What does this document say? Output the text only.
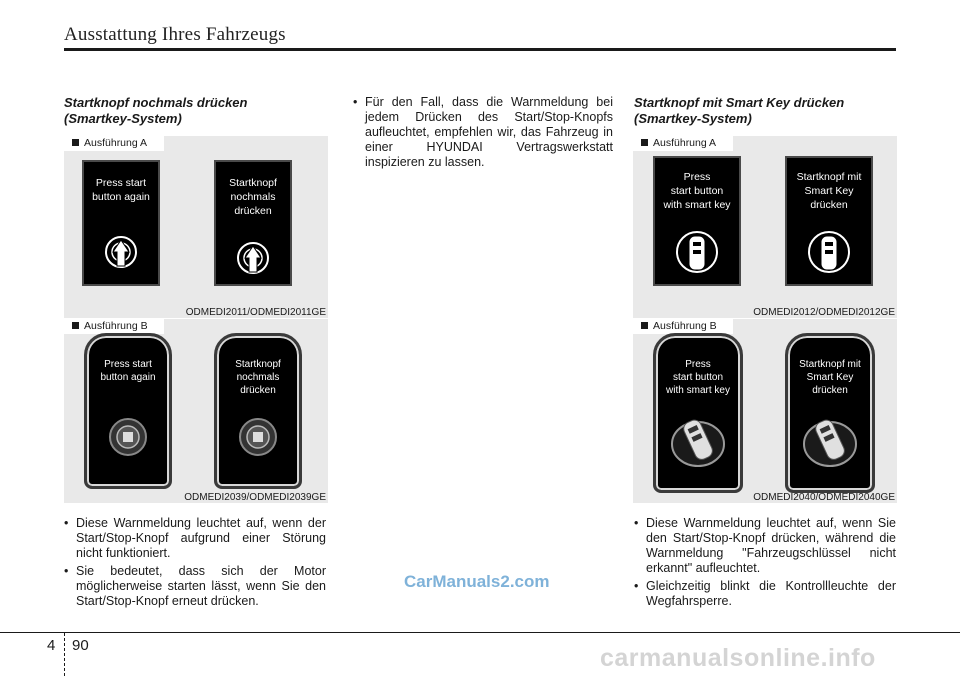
Ausstattung Ihres Fahrzeugs
Startknopf nochmals drücken
(Smartkey-System)
Ausführung A
Press start
button again
Startknopf
nochmals
drücken
ODMEDI2011/ODMEDI2011GE
Ausführung B
Press start
button again
Startknopf
nochmals
drücken
ODMEDI2039/ODMEDI2039GE
• Diese Warnmeldung leuchtet auf, wenn der Start/Stop-Knopf aufgrund einer Störung nicht funktioniert.
• Sie bedeutet, dass sich der Motor möglicherweise starten lässt, wenn Sie den Start/Stop-Knopf erneut drücken.
• Für den Fall, dass die Warnmeldung bei jedem Drücken des Start/Stop-Knopfs aufleuchtet, empfehlen wir, das Fahrzeug in einer HYUNDAI Vertragswerkstatt inspizieren zu lassen.
Startknopf mit Smart Key drücken
(Smartkey-System)
Ausführung A
Press
start button
with smart key
Startknopf mit
Smart Key
drücken
ODMEDI2012/ODMEDI2012GE
Ausführung B
Press
start button
with smart key
Startknopf mit
Smart Key
drücken
ODMEDI2040/ODMEDI2040GE
• Diese Warnmeldung leuchtet auf, wenn Sie den Start/Stop-Knopf drücken, während die Warnmeldung "Fahrzeugschlüssel nicht erkannt" aufleuchtet.
• Gleichzeitig blinkt die Kontrollleuchte der Wegfahrsperre.
CarManuals2.com
4 90	carmanualsonline.info
